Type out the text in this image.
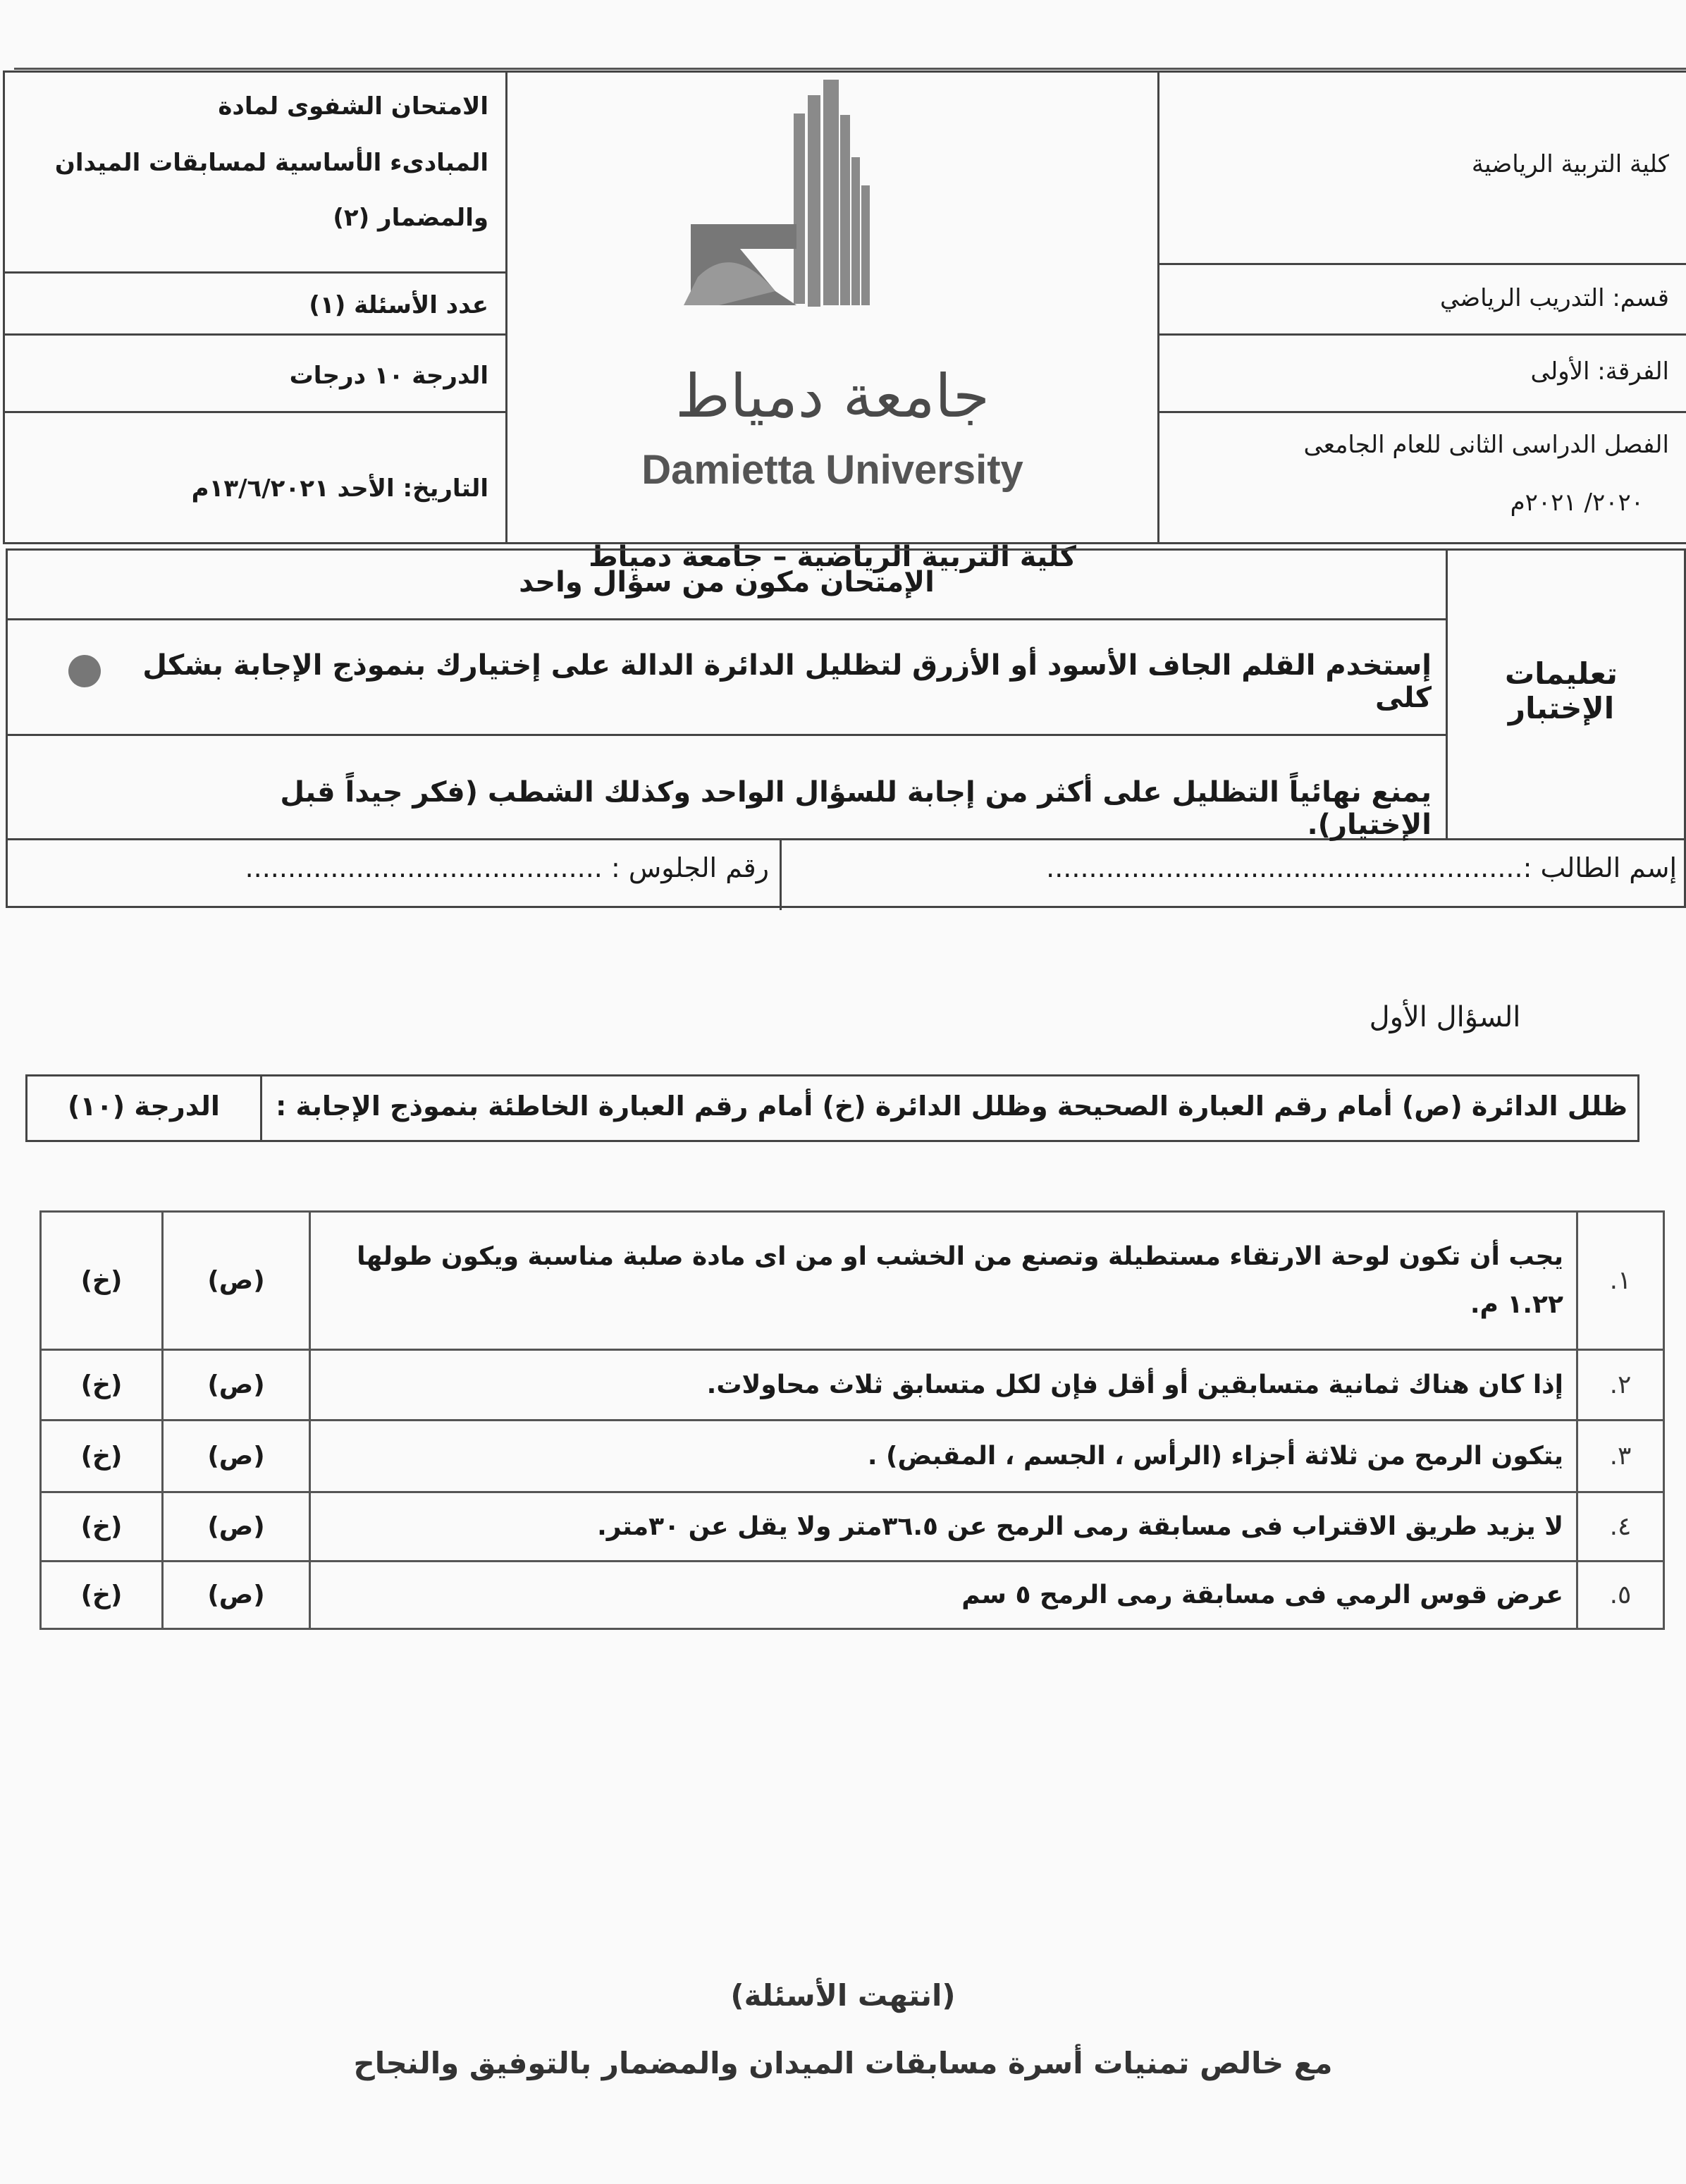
الامتحان الشفوى لمادة
المبادىء الأساسية لمسابقات الميدان
والمضمار (٢)
عدد الأسئلة (١)
الدرجة ١٠ درجات
التاريخ: الأحد ١٣/٦/٢٠٢١م
جامعة دمياط
Damietta University
كلية التربية الرياضية – جامعة دمياط
كلية التربية الرياضية
قسم: التدريب الرياضي
الفرقة: الأولى
الفصل الدراسى الثانى للعام الجامعى
٢٠٢٠/ ٢٠٢١م
تعليمات الإختبار
الإمتحان مكون من سؤال واحد
إستخدم القلم الجاف الأسود أو الأزرق لتظليل الدائرة الدالة على إختيارك بنموذج الإجابة بشكل كلى
يمنع نهائياً التظليل على أكثر من إجابة للسؤال الواحد وكذلك الشطب (فكر جيداً قبل الإختيار).
إسم الطالب :........................................................
رقم الجلوس : ..........................................
السؤال الأول
ظلل الدائرة (ص) أمام رقم العبارة الصحيحة وظلل الدائرة (خ) أمام رقم العبارة الخاطئة بنموذج الإجابة :
الدرجة (١٠)
١.	يجب أن تكون لوحة الارتقاء مستطيلة وتصنع من الخشب او من اى مادة صلبة مناسبة ويكون طولها ١.٢٢ م.	(ص)	(خ)
٢.	إذا كان هناك ثمانية متسابقين أو أقل فإن لكل متسابق ثلاث محاولات.	(ص)	(خ)
٣.	يتكون الرمح من ثلاثة أجزاء (الرأس ، الجسم ، المقبض) .	(ص)	(خ)
٤.	لا يزيد طريق الاقتراب فى مسابقة رمى الرمح عن ٣٦.٥متر ولا يقل عن ٣٠متر.	(ص)	(خ)
٥.	عرض قوس الرمي فى مسابقة رمى الرمح ٥ سم	(ص)	(خ)
(انتهت الأسئلة)
مع خالص تمنيات أسرة مسابقات الميدان والمضمار بالتوفيق والنجاح
